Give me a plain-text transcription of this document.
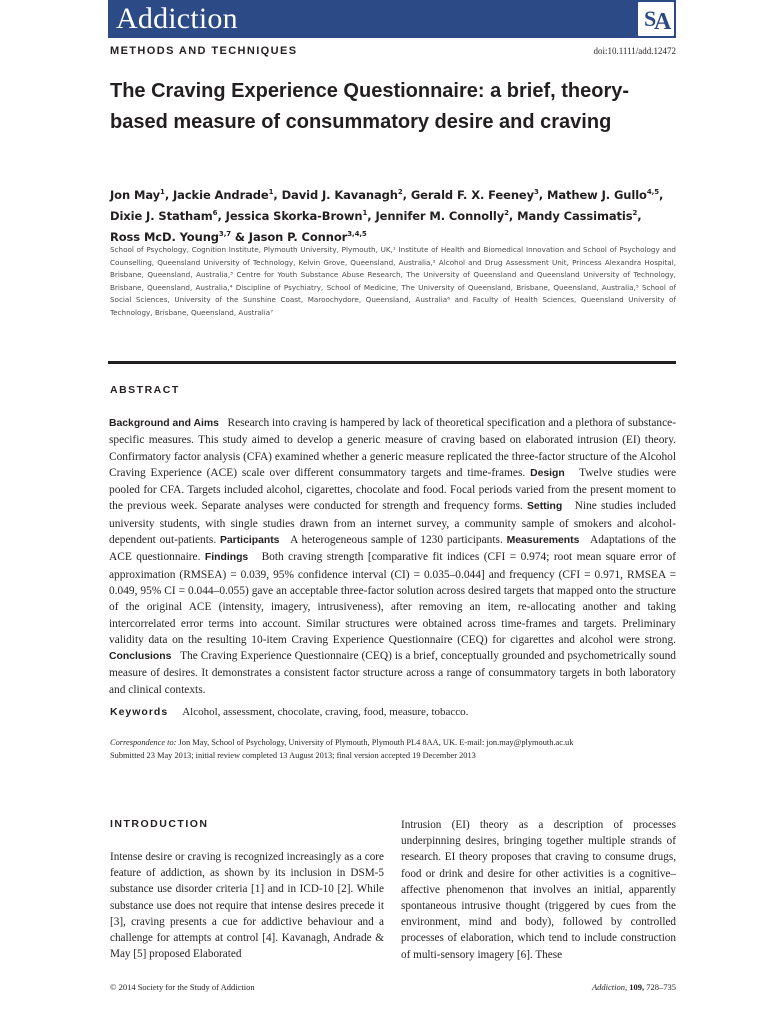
Addiction	S
A
METHODS AND TECHNIQUES	doi:10.1111/add.12472
The Craving Experience Questionnaire: a brief, theory-based measure of consummatory desire and craving
Jon May$^1$, Jackie Andrade$^1$, David J. Kavanagh$^2$, Gerald F. X. Feeney$^3$, Mathew J. Gullo$^{4,5}$,
Dixie J. Statham$^6$, Jessica Skorka-Brown$^1$, Jennifer M. Connolly$^2$, Mandy Cassimatis$^2$,
Ross McD. Young$^{3,7}$ & Jason P. Connor$^{3,4,5}$
School of Psychology, Cognition Institute, Plymouth University, Plymouth, UK,¹ Institute of Health and Biomedical Innovation and School of Psychology and Counselling, Queensland University of Technology, Kelvin Grove, Queensland, Australia,² Alcohol and Drug Assessment Unit, Princess Alexandra Hospital, Brisbane, Queensland, Australia,³ Centre for Youth Substance Abuse Research, The University of Queensland and Queensland University of Technology, Brisbane, Queensland, Australia,⁴ Discipline of Psychiatry, School of Medicine, The University of Queensland, Brisbane, Queensland, Australia,⁵ School of Social Sciences, University of the Sunshine Coast, Maroochydore, Queensland, Australia⁶ and Faculty of Health Sciences, Queensland University of Technology, Brisbane, Queensland, Australia⁷
ABSTRACT
Background and Aims Research into craving is hampered by lack of theoretical specification and a plethora of substance-specific measures. This study aimed to develop a generic measure of craving based on elaborated intrusion (EI) theory. Confirmatory factor analysis (CFA) examined whether a generic measure replicated the three-factor structure of the Alcohol Craving Experience (ACE) scale over different consummatory targets and time-frames. Design Twelve studies were pooled for CFA. Targets included alcohol, cigarettes, chocolate and food. Focal periods varied from the present moment to the previous week. Separate analyses were conducted for strength and frequency forms. Setting Nine studies included university students, with single studies drawn from an internet survey, a community sample of smokers and alcohol-dependent out-patients. Participants A heterogeneous sample of 1230 participants. Measurements Adaptations of the ACE questionnaire. Findings Both craving strength [comparative fit indices (CFI = 0.974; root mean square error of approximation (RMSEA) = 0.039, 95% confidence interval (CI) = 0.035–0.044] and frequency (CFI = 0.971, RMSEA = 0.049, 95% CI = 0.044–0.055) gave an acceptable three-factor solution across desired targets that mapped onto the structure of the original ACE (intensity, imagery, intrusiveness), after removing an item, re-allocating another and taking intercorrelated error terms into account. Similar structures were obtained across time-frames and targets. Preliminary validity data on the resulting 10-item Craving Experience Questionnaire (CEQ) for cigarettes and alcohol were strong. Conclusions The Craving Experience Questionnaire (CEQ) is a brief, conceptually grounded and psychometrically sound measure of desires. It demonstrates a consistent factor structure across a range of consummatory targets in both laboratory and clinical contexts.
Keywords Alcohol, assessment, chocolate, craving, food, measure, tobacco.
Correspondence to: Jon May, School of Psychology, University of Plymouth, Plymouth PL4 8AA, UK. E-mail: jon.may@plymouth.ac.uk
Submitted 23 May 2013; initial review completed 13 August 2013; final version accepted 19 December 2013
INTRODUCTION
Intense desire or craving is recognized increasingly as a core feature of addiction, as shown by its inclusion in DSM-5 substance use disorder criteria [1] and in ICD-10 [2]. While substance use does not require that intense desires precede it [3], craving presents a cue for addictive behaviour and a challenge for attempts at control [4]. Kavanagh, Andrade & May [5] proposed Elaborated
Intrusion (EI) theory as a description of processes underpinning desires, bringing together multiple strands of research. EI theory proposes that craving to consume drugs, food or drink and desire for other activities is a cognitive–affective phenomenon that involves an initial, apparently spontaneous intrusive thought (triggered by cues from the environment, mind and body), followed by controlled processes of elaboration, which tend to include construction of multi-sensory imagery [6]. These
© 2014 Society for the Study of Addiction	Addiction, 109, 728–735
